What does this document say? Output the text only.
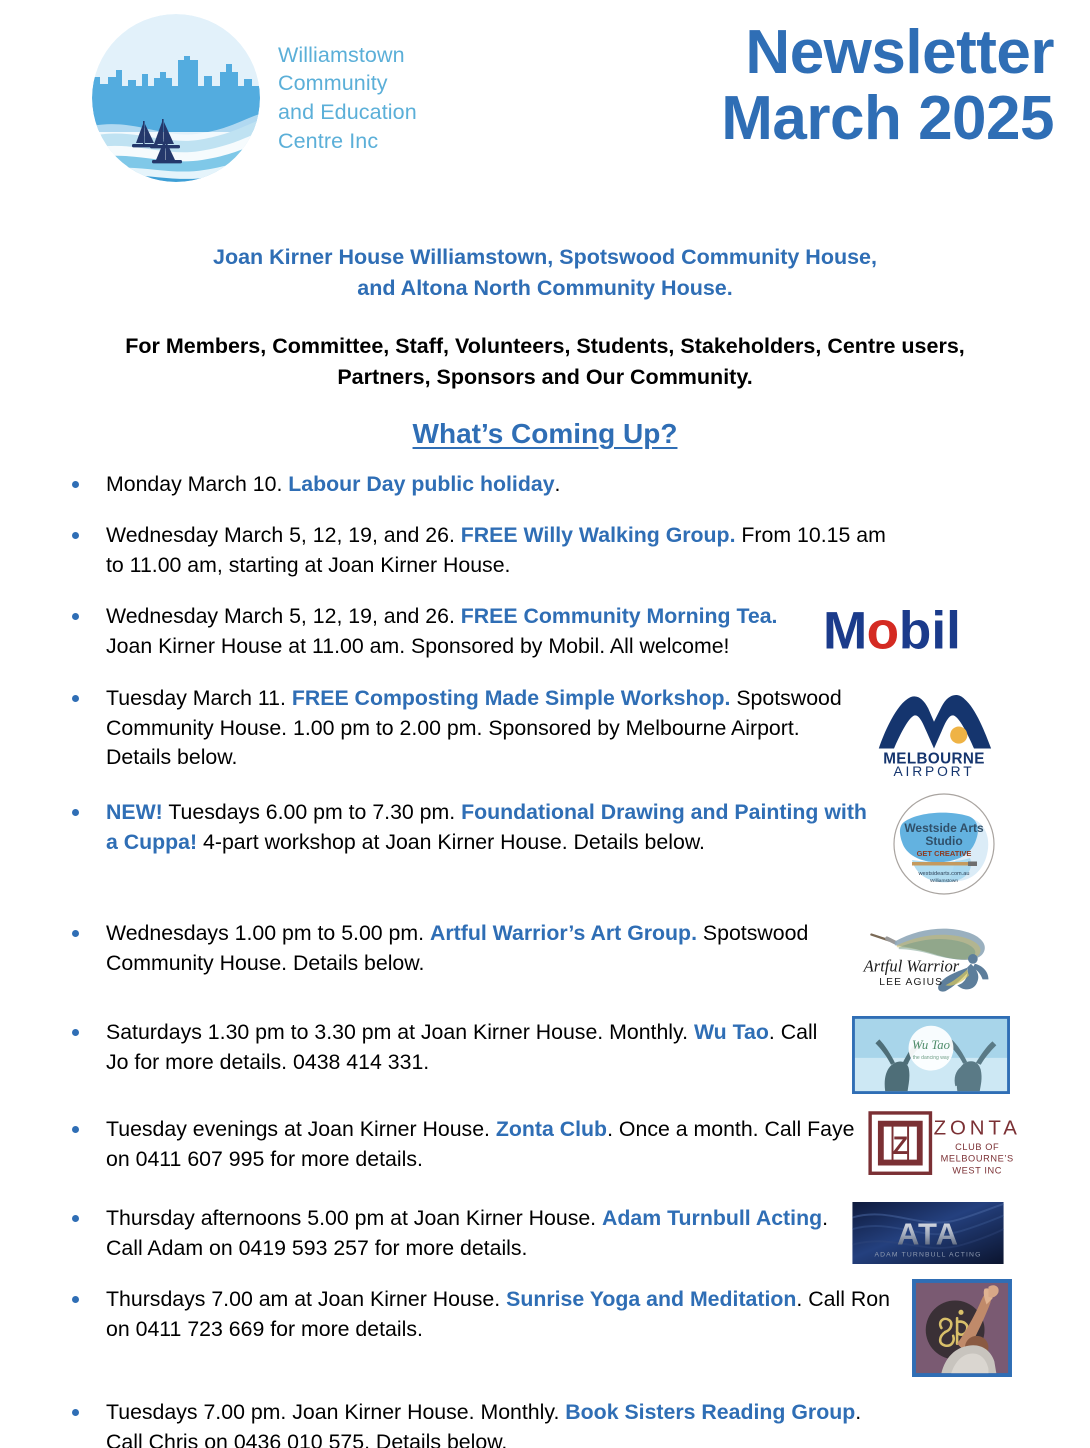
Williamstown
Community
and Education
Centre Inc
Newsletter
March 2025
Joan Kirner House Williamstown, Spotswood Community House,
and Altona North Community House.
For Members, Committee, Staff, Volunteers, Students, Stakeholders, Centre users,
Partners, Sponsors and Our Community.
What’s Coming Up?
Monday March 10. Labour Day public holiday.
Wednesday March 5, 12, 19, and 26. FREE Willy Walking Group. From 10.15 am to 11.00 am, starting at Joan Kirner House.
Wednesday March 5, 12, 19, and 26. FREE Community Morning Tea. Joan Kirner House at 11.00 am. Sponsored by Mobil. All welcome!	M o bil
Tuesday March 11. FREE Composting Made Simple Workshop. Spotswood Community House. 1.00 pm to 2.00 pm. Sponsored by Melbourne Airport. Details below.	MELBOURNE
AIRPORT
NEW! Tuesdays 6.00 pm to 7.30 pm. Foundational Drawing and Painting with a Cuppa! 4-part workshop at Joan Kirner House. Details below.
Westside Arts
Studio
GET CREATIVE
westsidearts.com.au
Williamstown
Wednesdays 1.00 pm to 5.00 pm. Artful Warrior’s Art Group. Spotswood Community House. Details below.	Artful Warrior
LEE AGIUS
Saturdays 1.30 pm to 3.30 pm at Joan Kirner House. Monthly. Wu Tao. Call Jo for more details. 0438 414 331.
Wu Tao
the dancing way
Tuesday evenings at Joan Kirner House. Zonta Club. Once a month. Call Faye on 0411 607 995 for more details.	Z
ZONTA
CLUB OF
MELBOURNE’S
WEST INC
Thursday afternoons 5.00 pm at Joan Kirner House. Adam Turnbull Acting. Call Adam on 0419 593 257 for more details.	ATA
ADAM TURNBULL ACTING
Thursdays 7.00 am at Joan Kirner House. Sunrise Yoga and Meditation. Call Ron on 0411 723 669 for more details.
Tuesdays 7.00 pm. Joan Kirner House. Monthly. Book Sisters Reading Group. Call Chris on 0436 010 575. Details below.
